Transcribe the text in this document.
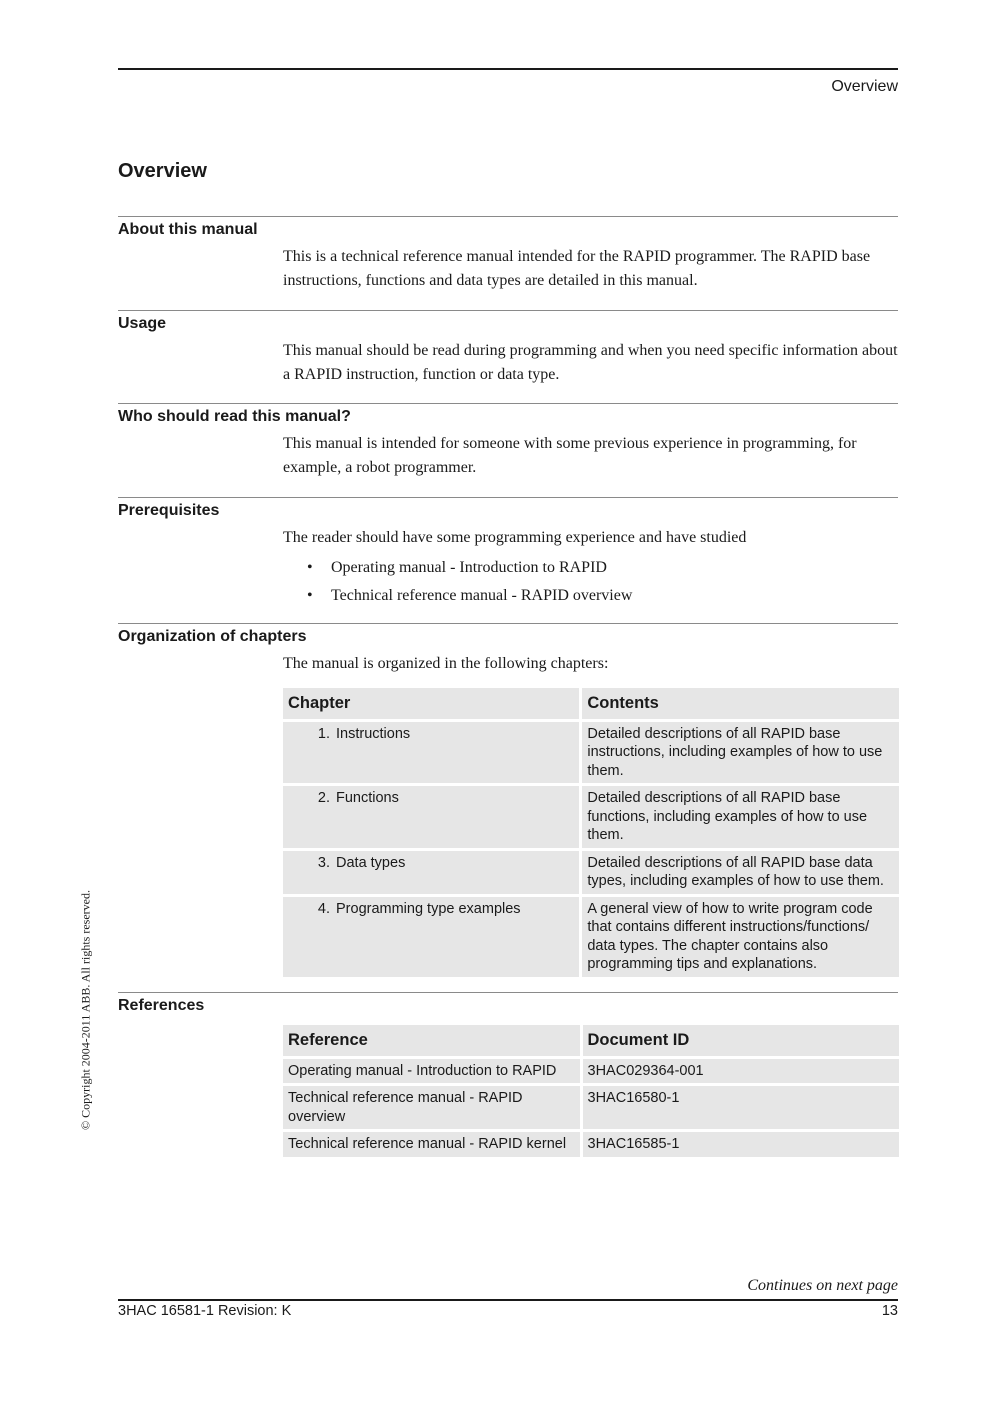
Overview
Overview
About this manual
This is a technical reference manual intended for the RAPID programmer. The RAPID base instructions, functions and data types are detailed in this manual.
Usage
This manual should be read during programming and when you need specific information about a RAPID instruction, function or data type.
Who should read this manual?
This manual is intended for someone with some previous experience in programming, for example, a robot programmer.
Prerequisites
The reader should have some programming experience and have studied
• Operating manual - Introduction to RAPID
• Technical reference manual - RAPID overview
Organization of chapters
The manual is organized in the following chapters:
Chapter	Contents
1. Instructions	Detailed descriptions of all RAPID base instructions, including examples of how to use them.
2. Functions	Detailed descriptions of all RAPID base functions, including examples of how to use them.
3. Data types	Detailed descriptions of all RAPID base data types, including examples of how to use them.
4. Programming type examples	A general view of how to write program code that contains different instructions/functions/ data types. The chapter contains also programming tips and explanations.
References
Reference	Document ID
Operating manual - Introduction to RAPID	3HAC029364-001
Technical reference manual - RAPID overview	3HAC16580-1
Technical reference manual - RAPID kernel	3HAC16585-1
© Copyright 2004-2011 ABB. All rights reserved.
Continues on next page
3HAC 16581-1 Revision: K	13
